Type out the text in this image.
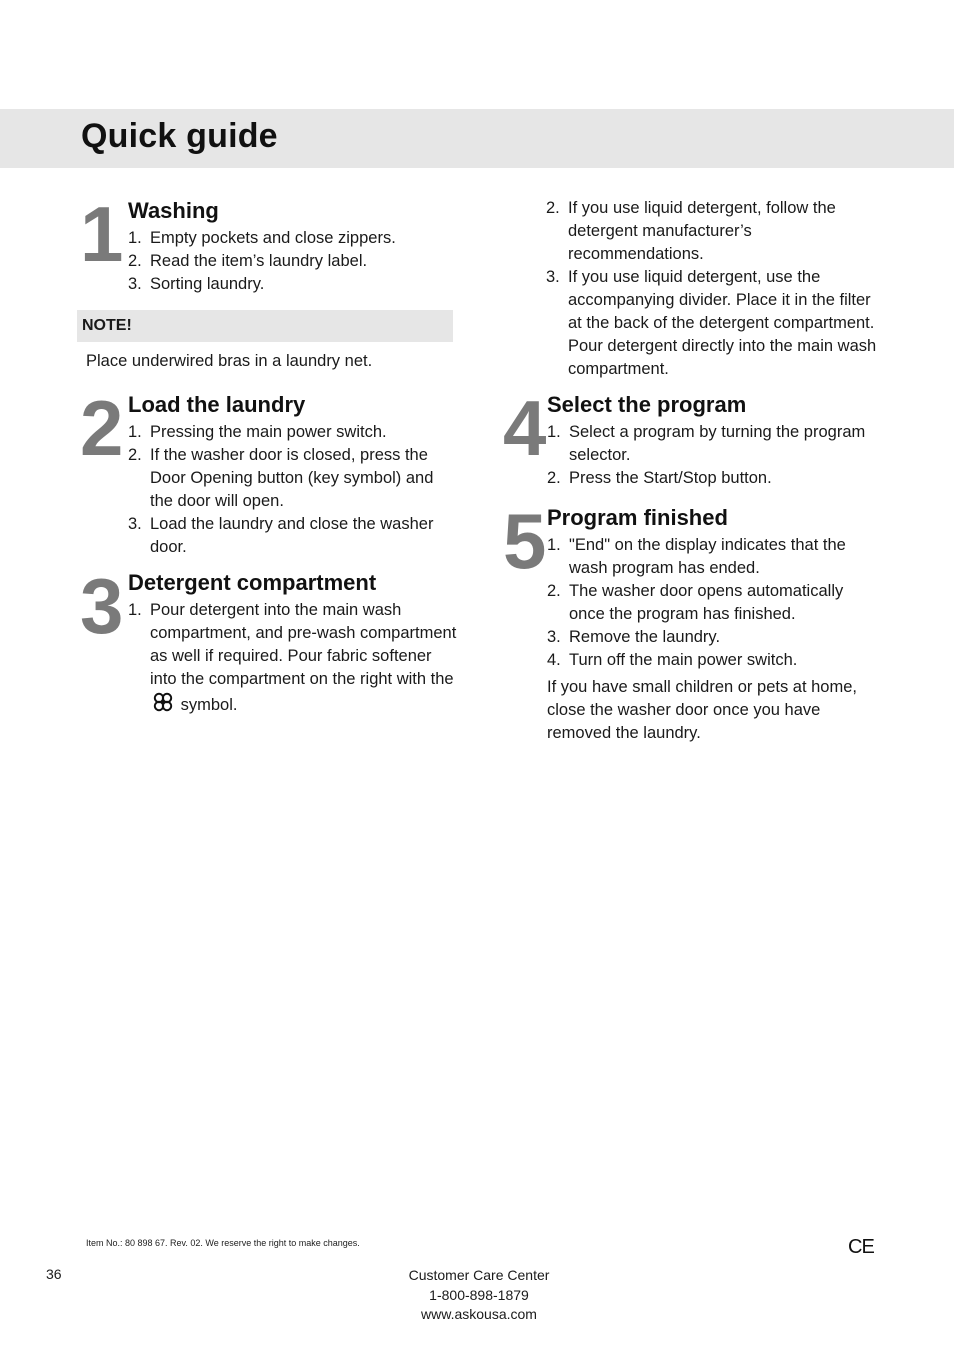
Quick guide
1 Washing
1. Empty pockets and close zippers.
2. Read the item’s laundry label.
3. Sorting laundry.
NOTE!
Place underwired bras in a laundry net.
2 Load the laundry
1. Pressing the main power switch.
2. If the washer door is closed, press the Door Opening button (key symbol) and the door will open.
3. Load the laundry and close the washer door.
3 Detergent compartment
1. Pour detergent into the main wash compartment, and pre-wash compartment as well if required. Pour fabric softener into the compartment on the right with the  symbol.
2. If you use liquid detergent, follow the detergent manufacturer’s recommendations.
3. If you use liquid detergent, use the accompanying divider. Place it in the filter at the back of the detergent compartment. Pour detergent directly into the main wash compartment.
4 Select the program
1. Select a program by turning the program selector.
2. Press the Start/Stop button.
5 Program finished
1. "End" on the display indicates that the wash program has ended.
2. The washer door opens automatically once the program has finished.
3. Remove the laundry.
4. Turn off the main power switch.
If you have small children or pets at home, close the washer door once you have removed the laundry.
Item No.: 80 898 67. Rev. 02. We reserve the right to make changes.	CE
36	Customer Care Center
1-800-898-1879
www.askousa.com
